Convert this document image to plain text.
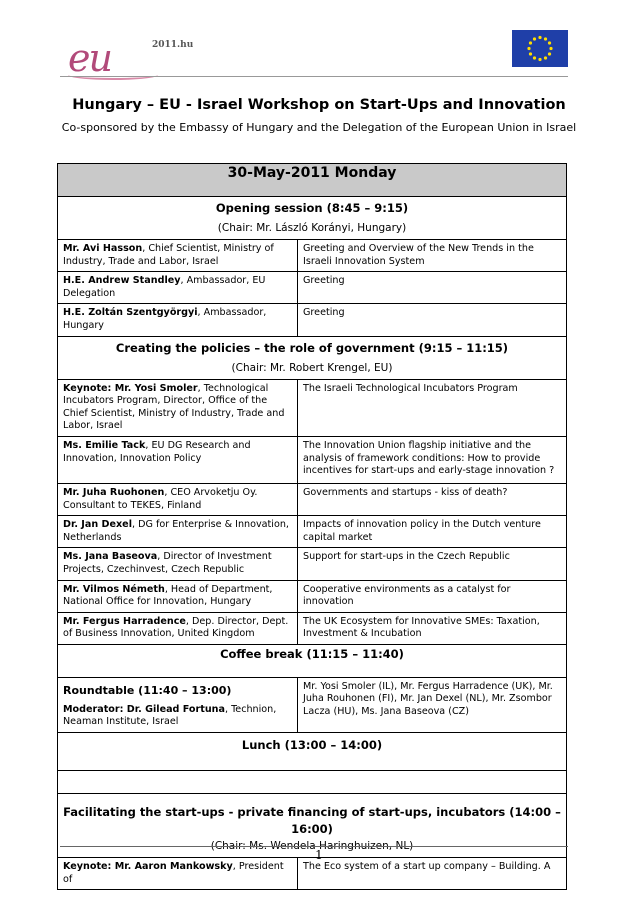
eu	2011.hu
Hungary – EU - Israel Workshop on Start-Ups and Innovation
Co-sponsored by the Embassy of Hungary and the Delegation of the European Union in Israel
30-May-2011 Monday	

Opening session (8:45 – 9:15)
(Chair: Mr. László Korányi, Hungary)	

Mr. Avi Hasson, Chief Scientist, Ministry of Industry, Trade and Labor, Israel	Greeting and Overview of the New Trends in the Israeli Innovation System
H.E. Andrew Standley, Ambassador, EU Delegation	Greeting
H.E. Zoltán Szentgyörgyi, Ambassador, Hungary	Greeting

Creating the policies – the role of government (9:15 – 11:15)
(Chair: Mr. Robert Krengel, EU)	

Keynote: Mr. Yosi Smoler, Technological Incubators Program, Director, Office of the Chief Scientist, Ministry of Industry, Trade and Labor, Israel	The Israeli Technological Incubators Program
Ms. Emilie Tack, EU DG Research and Innovation, Innovation Policy	The Innovation Union flagship initiative and the analysis of framework conditions: How to provide incentives for start-ups and early-stage innovation ?
Mr. Juha Ruohonen, CEO Arvoketju Oy. Consultant to TEKES, Finland	Governments and startups - kiss of death?
Dr. Jan Dexel, DG for Enterprise & Innovation, Netherlands	Impacts of innovation policy in the Dutch venture capital market
Ms. Jana Baseova, Director of Investment Projects, Czechinvest, Czech Republic	Support for start-ups in the Czech Republic
Mr. Vilmos Németh, Head of Department, National Office for Innovation, Hungary	Cooperative environments as a catalyst for innovation
Mr. Fergus Harradence, Dep. Director, Dept. of Business Innovation, United Kingdom	The UK Ecosystem for Innovative SMEs: Taxation, Investment & Incubation
Coffee break (11:15 – 11:40)	

Roundtable (11:40 – 13:00)
Moderator: Dr. Gilead Fortuna, Technion, Neaman Institute, Israel	Mr. Yosi Smoler (IL), Mr. Fergus Harradence (UK), Mr. Juha Rouhonen (FI), Mr. Jan Dexel (NL), Mr. Zsombor Lacza (HU), Ms. Jana Baseova (CZ)
Lunch (13:00 – 14:00)	

Facilitating the start-ups - private financing of start-ups, incubators (14:00 – 16:00)
(Chair: Ms. Wendela Haringhuizen, NL)	

Keynote: Mr. Aaron Mankowsky, President of	The Eco system of a start up company – Building. A
1
